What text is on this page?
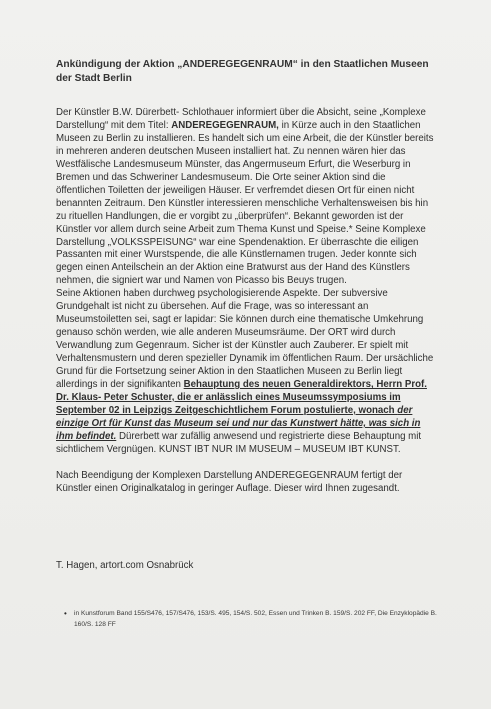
Ankündigung der Aktion „ANDEREGEGENRAUM“ in den Staatlichen Museen der Stadt Berlin

Der Künstler B.W. Dürerbett- Schlothauer informiert über die Absicht, seine „Komplexe Darstellung“ mit dem Titel: ANDEREGEGENRAUM, in Kürze auch in den Staatlichen Museen zu Berlin zu installieren. Es handelt sich um eine Arbeit, die der Künstler bereits in mehreren anderen deutschen Museen installiert hat. Zu nennen wären hier das Westfälische Landesmuseum Münster, das Angermuseum Erfurt, die Weserburg in Bremen und das Schweriner Landesmuseum. Die Orte seiner Aktion sind die öffentlichen Toiletten der jeweiligen Häuser. Er verfremdet diesen Ort für einen nicht benannten Zeitraum. Den Künstler interessieren menschliche Verhaltensweisen bis hin zu rituellen Handlungen, die er vorgibt zu „überprüfen“. Bekannt geworden ist der Künstler vor allem durch seine Arbeit zum Thema Kunst und Speise.* Seine Komplexe Darstellung „VOLKSSPEISUNG“ war eine Spendenaktion. Er überraschte die eiligen Passanten mit einer Wurstspende, die alle Künstlernamen trugen. Jeder konnte sich gegen einen Anteilschein an der Aktion eine Bratwurst aus der Hand des Künstlers nehmen, die signiert war und Namen von Picasso bis Beuys trugen.

Seine Aktionen haben durchweg psychologisierende Aspekte. Der subversive Grundgehalt ist nicht zu übersehen. Auf die Frage, was so interessant an Museumstoiletten sei, sagt er lapidar: Sie können durch eine thematische Umkehrung genauso schön werden, wie alle anderen Museumsräume. Der ORT wird durch Verwandlung zum Gegenraum. Sicher ist der Künstler auch Zauberer. Er spielt mit Verhaltensmustern und deren spezieller Dynamik im öffentlichen Raum. Der ursächliche Grund für die Fortsetzung seiner Aktion in den Staatlichen Museen zu Berlin liegt allerdings in der signifikanten Behauptung des neuen Generaldirektors, Herrn Prof. Dr. Klaus- Peter Schuster, die er anlässlich eines Museumssymposiums im September 02 in Leipzigs Zeitgeschichtlichem Forum postulierte, wonach der einzige Ort für Kunst das Museum sei und nur das Kunstwert hätte, was sich in ihm befindet. Dürerbett war zufällig anwesend und registrierte diese Behauptung mit sichtlichem Vergnügen. KUNST IBT NUR IM MUSEUM – MUSEUM IBT KUNST.

Nach Beendigung der Komplexen Darstellung ANDEREGEGENRAUM fertigt der Künstler einen Originalkatalog in geringer Auflage. Dieser wird Ihnen zugesandt.

T. Hagen, artort.com Osnabrück
• in Kunstforum Band 155/S476, 157/S476, 153/S. 495, 154/S. 502, Essen und Trinken B. 159/S. 202 FF, Die Enzyklopädie B. 160/S. 128 FF
